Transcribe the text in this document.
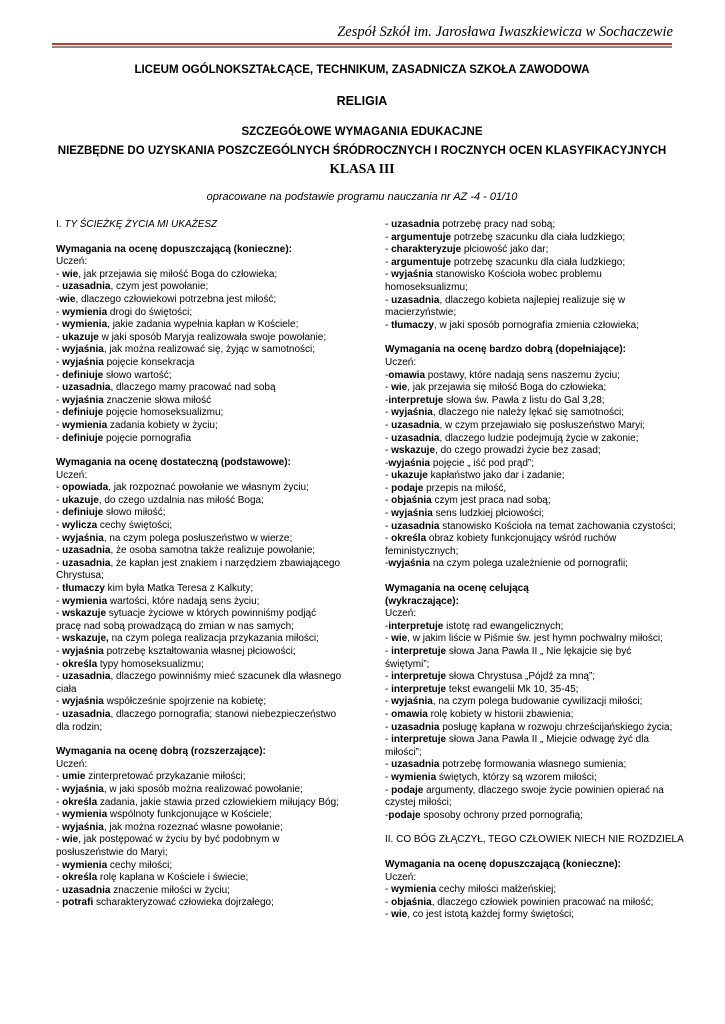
Zespół Szkół im. Jarosława Iwaszkiewicza w Sochaczewie
LICEUM OGÓLNOKSZTAŁCĄCE, TECHNIKUM, ZASADNICZA SZKOŁA ZAWODOWA
RELIGIA
SZCZEGÓŁOWE WYMAGANIA EDUKACJNE
NIEZBĘDNE DO UZYSKANIA POSZCZEGÓLNYCH ŚRÓDROCZNYCH I ROCZNYCH OCEN KLASYFIKACYJNYCH
KLASA III
opracowane na podstawie programu nauczania nr AZ -4 - 01/10
I. TY ŚCIEŻKĘ ŻYCIA MI UKAŻESZ
Wymagania na ocenę dopuszczającą (konieczne):
Uczeń:
- wie, jak przejawia się miłość Boga do człowieka;
- uzasadnia, czym jest powołanie;
-wie, dlaczego człowiekowi potrzebna jest miłość;
- wymienia drogi do świętości;
- wymienia, jakie zadania wypełnia kapłan w Kościele;
- ukazuje w jaki sposób Maryja realizowała swoje powołanie;
- wyjaśnia, jak można realizować się, żyjąc w samotności;
- wyjaśnia pojęcie konsekracja
- definiuje słowo wartość;
- uzasadnia, dlaczego mamy pracować nad sobą
- wyjaśnia znaczenie słowa miłość
- definiuje pojęcie homoseksualizmu;
- wymienia zadania kobiety w życiu;
- definiuje pojęcie pornografia
Wymagania na ocenę dostateczną (podstawowe):
Uczeń:
- opowiada, jak rozpoznać powołanie we własnym życiu;
- ukazuje, do czego uzdalnia nas miłość Boga;
- definiuje słowo miłość;
- wylicza cechy świętości;
- wyjaśnia, na czym polega posłuszeństwo w wierze;
- uzasadnia, że osoba samotna także realizuje powołanie;
- uzasadnia, że kapłan jest znakiem i narzędziem zbawiającego
Chrystusa;
- tłumaczy kim była Matka Teresa z Kalkuty;
- wymienia wartości, które nadają sens życiu;
- wskazuje sytuacje życiowe w których powinniśmy podjąć
pracę nad sobą prowadzącą do zmian w nas samych;
- wskazuje, na czym polega realizacja przykazania miłości;
- wyjaśnia potrzebę kształtowania własnej płciowości;
- określa typy homoseksualizmu;
- uzasadnia, dlaczego powinniśmy mieć szacunek dla własnego
ciała
- wyjaśnia współcześnie spojrzenie na kobietę;
- uzasadnia, dlaczego pornografia; stanowi niebezpieczeństwo
dla rodzin;
Wymagania na ocenę dobrą (rozszerzające):
Uczeń:
- umie zinterpretować przykazanie miłości;
- wyjaśnia, w jaki sposób można realizować powołanie;
- określa zadania, jakie stawia przed człowiekiem miłujący Bóg;
- wymienia wspólnoty funkcjonujące w Kościele;
- wyjaśnia, jak można rozeznać własne powołanie;
- wie, jak postępować w życiu by być podobnym w
posłuszeństwie do Maryi;
- wymienia cechy miłości;
- określa rolę kapłana w Kościele i świecie;
- uzasadnia znaczenie miłości w życiu;
- potrafi scharakteryzować człowieka dojrzałego;
- uzasadnia potrzebę pracy nad sobą;
- argumentuje potrzebę szacunku dla ciała ludzkiego;
- charakteryzuje płciowość jako dar;
- argumentuje potrzebę szacunku dla ciała ludzkiego;
- wyjaśnia stanowisko Kościoła wobec problemu
homoseksualizmu;
- uzasadnia, dlaczego kobieta najlepiej realizuje się w
macierzyństwie;
- tłumaczy, w jaki sposób pornografia zmienia człowieka;
Wymagania na ocenę bardzo dobrą (dopełniające):
Uczeń:
-omawia postawy, które nadają sens naszemu życiu;
- wie, jak przejawia się miłość Boga do człowieka;
-interpretuje słowa św. Pawła z listu do Gal 3,28;
- wyjaśnia, dlaczego nie należy lękać się samotności;
- uzasadnia, w czym przejawiało się posłuszeństwo Maryi;
- uzasadnia, dlaczego ludzie podejmują życie w zakonie;
- wskazuje, do czego prowadzi życie bez zasad;
-wyjaśnia pojęcie „ iść pod prąd”;
- ukazuje kapłaństwo jako dar i zadanie;
- podaje przepis na miłość,
- objaśnia czym jest praca nad sobą;
- wyjaśnia sens ludzkiej płciowości;
- uzasadnia stanowisko Kościoła na temat zachowania czystości;
- określa obraz kobiety funkcjonujący wśród ruchów
feministycznych;
-wyjaśnia na czym polega uzależnienie od pornografii;
Wymagania na ocenę celującą
(wykraczające):
Uczeń:
-interpretuje istotę rad ewangelicznych;
- wie, w jakim liście w Piśmie św. jest hymn pochwalny miłości;
- interpretuje słowa Jana Pawła II „ Nie lękajcie się być
świętymi”;
- interpretuje słowa Chrystusa „Pójdź za mną”;
- interpretuje tekst ewangelii Mk 10, 35-45;
- wyjaśnia, na czym polega budowanie cywilizacji miłości;
- omawia rolę kobiety w historii zbawienia;
- uzasadnia posługę kapłana w rozwoju chrześcijańskiego życia;
- interpretuje słowa Jana Pawła II „ Miejcie odwagę żyć dla
miłości”;
- uzasadnia potrzebę formowania własnego sumienia;
- wymienia świętych, którzy są wzorem miłości;
- podaje argumenty, dlaczego swoje życie powinien opierać na
czystej miłości;
-podaje sposoby ochrony przed pornografią;
II. CO BÓG ZŁĄCZYŁ, TEGO CZŁOWIEK NIECH NIE ROZDZIELA
Wymagania na ocenę dopuszczającą (konieczne):
Uczeń:
- wymienia cechy miłości małżeńskiej;
- objaśnia, dlaczego człowiek powinien pracować na miłość;
- wie, co jest istotą każdej formy świętości;
